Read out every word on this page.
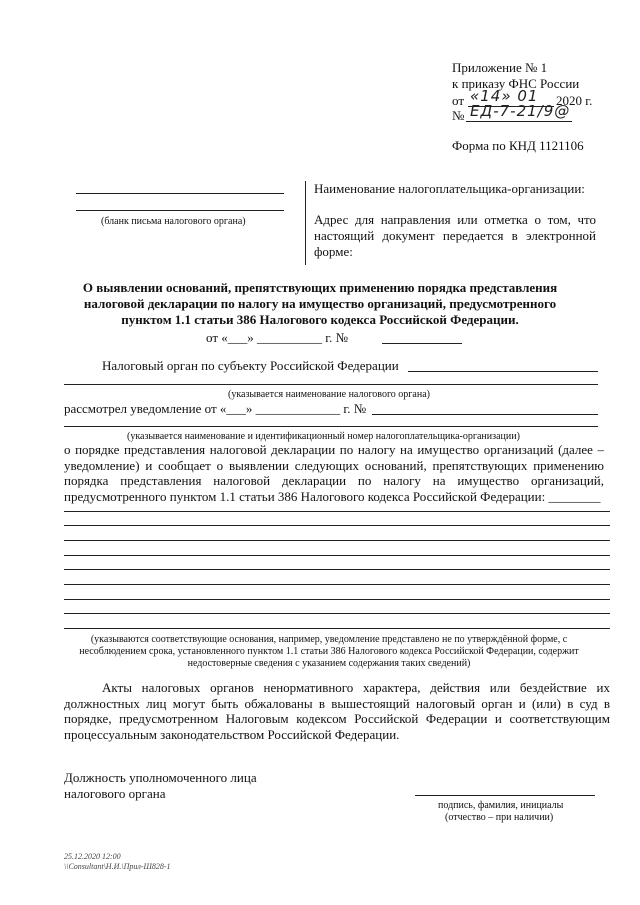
Приложение № 1
к приказу ФНС России
от «14» 01 2020 г.
№ ЕД-7-21/9@
Форма по КНД 1121106
(бланк письма налогового органа)
Наименование налогоплательщика-организации:
Адрес для направления или отметка о том, что настоящий документ передается в электронной форме:
О выявлении оснований, препятствующих применению порядка представления
налоговой декларации по налогу на имущество организаций, предусмотренного
пунктом 1.1 статьи 386 Налогового кодекса Российской Федерации.
от «___» __________ г. №
Налоговый орган по субъекту Российской Федерации
(указывается наименование налогового органа)
рассмотрел уведомление от «___» _____________ г. №
(указывается наименование и идентификационный номер налогоплательщика-организации)
о порядке представления налоговой декларации по налогу на имущество организаций (далее – уведомление) и сообщает о выявлении следующих оснований, препятствующих применению порядка представления налоговой декларации по налогу на имущество организаций, предусмотренного пунктом 1.1 статьи 386 Налогового кодекса Российской Федерации: ________
(указываются соответствующие основания, например, уведомление представлено не по утверждённой форме, с
несоблюдением срока, установленного пунктом 1.1 статьи 386 Налогового кодекса Российской Федерации, содержит
недостоверные сведения с указанием содержания таких сведений)
Акты налоговых органов ненормативного характера, действия или бездействие их должностных лиц могут быть обжалованы в вышестоящий налоговый орган и (или) в суд в порядке, предусмотренном Налоговым кодексом Российской Федерации и соответствующим процессуальным законодательством Российской Федерации.
Должность уполномоченного лица
налогового органа
подпись, фамилия, инициалы
(отчество – при наличии)
25.12.2020 12:00
\\Consultant\Н.И.\Прил-Ш828-1
